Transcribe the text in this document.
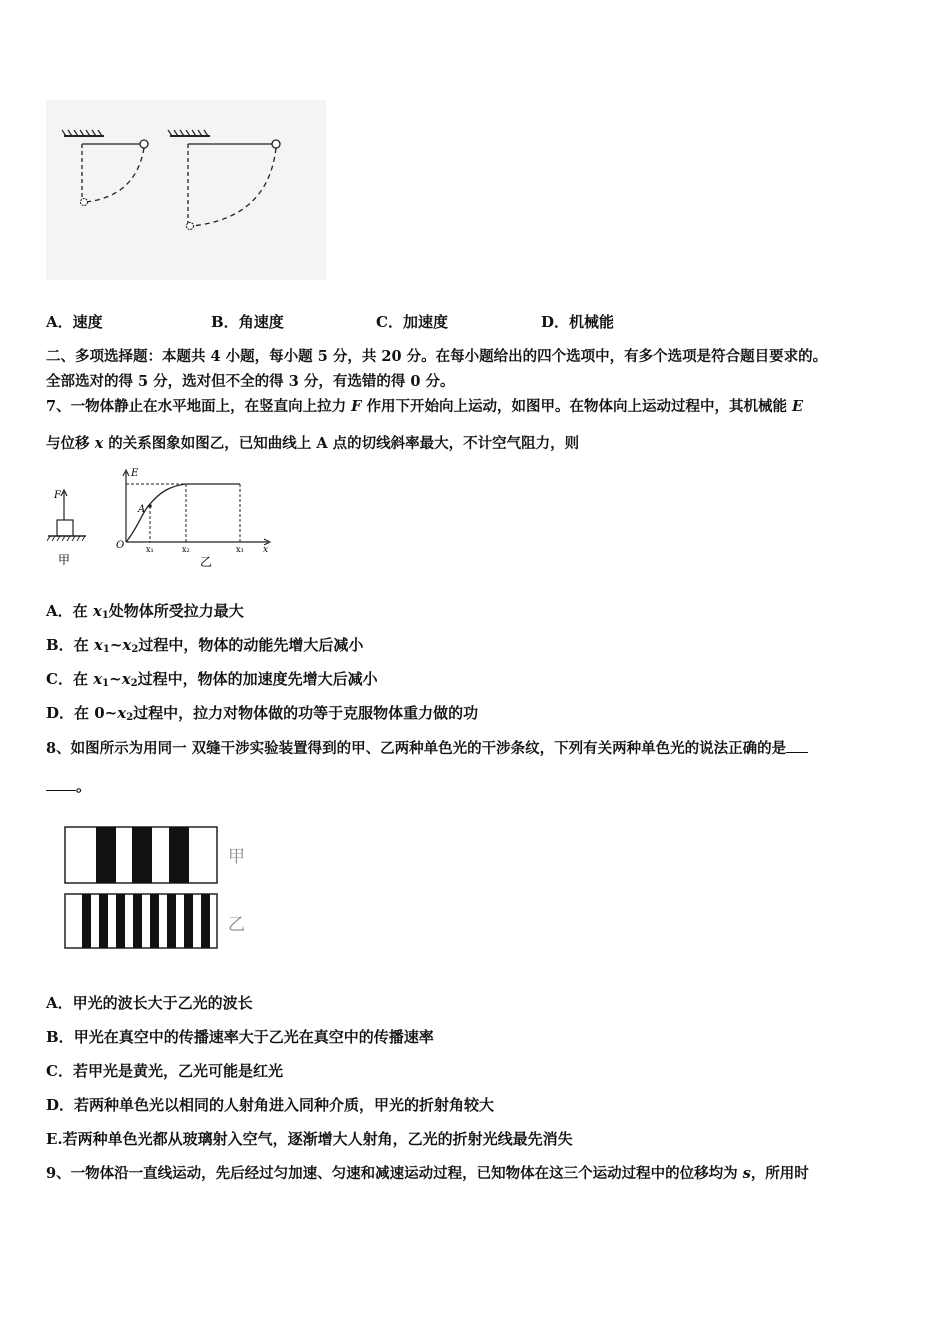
A．速度	B．角速度	C．加速度	D．机械能
二、多项选择题：本题共 4 小题，每小题 5 分，共 20 分。在每小题给出的四个选项中，有多个选项是符合题目要求的。
全部选对的得 5 分，选对但不全的得 3 分，有选错的得 0 分。
7、一物体静止在水平地面上，在竖直向上拉力 F 作用下开始向上运动，如图甲。在物体向上运动过程中，其机械能 E
与位移 x 的关系图象如图乙，已知曲线上 A 点的切线斜率最大，不计空气阻力，则
F
甲
E
x
O
A
x₁	x₂	x₃
乙
A．在 $x_1$处物体所受拉力最大
B．在 $x_1\sim x_2$过程中，物体的动能先增大后减小
C．在 $x_1\sim x_2$过程中，物体的加速度先增大后减小
D．在 $0\sim x_2$过程中，拉力对物体做的功等于克服物体重力做的功
8、如图所示为用同一 双缝干涉实验装置得到的甲、乙两种单色光的干涉条纹，下列有关两种单色光的说法正确的是
。
甲
乙
A．甲光的波长大于乙光的波长
B．甲光在真空中的传播速率大于乙光在真空中的传播速率
C．若甲光是黄光，乙光可能是红光
D．若两种单色光以相同的人射角进入同种介质，甲光的折射角较大
E.若两种单色光都从玻璃射入空气，逐渐增大人射角，乙光的折射光线最先消失
9、一物体沿一直线运动，先后经过匀加速、匀速和减速运动过程，已知物体在这三个运动过程中的位移均为 s，所用时
